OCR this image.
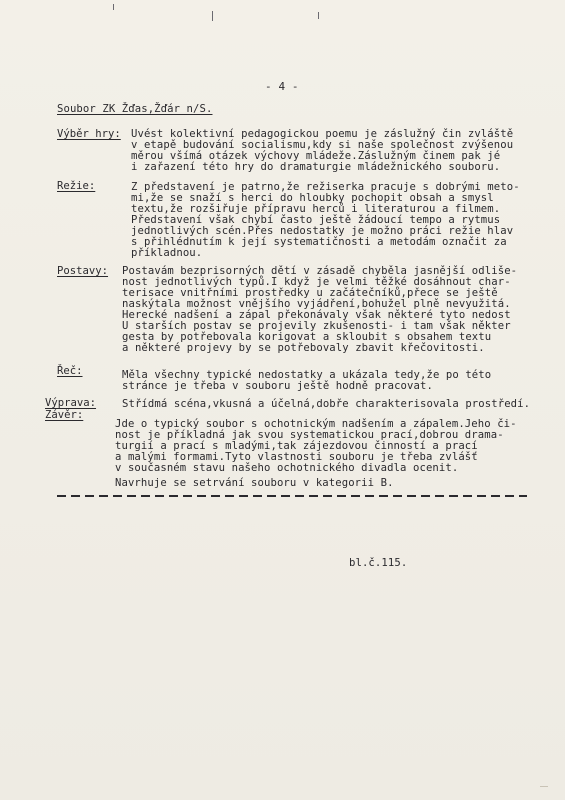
- 4 -
Soubor ZK Žďas,Žďár n/S.
Výběr hry: Uvést kolektivní pedagogickou poemu je záslužný čin zvláště
v etapě budování socialismu,kdy si naše společnost zvýšenou
měrou všímá otázek výchovy mládeže.Záslužným činem pak jé
i zařazení této hry do dramaturgie mládežnického souboru.
Režie:	Z představení je patrno,že režiserka pracuje s dobrými meto-
mi,že se snaží s herci do hloubky pochopit obsah a smysl
textu,že rozšiřuje přípravu herců i literaturou a filmem.
Představení však chybí často ještě žádoucí tempo a rytmus
jednotlivých scén.Přes nedostatky je možno práci režie hlav
s přihlédnutím k její systematičnosti a metodám označit za
příkladnou.
Postavy: Postavám bezprisorných dětí v zásadě chyběla jasnější odliše-
nost jednotlivých typů.I když je velmi těžké dosáhnout char-
terisace vnitřními prostředky u začátečníků,přece se ještě
naskýtala možnost vnějšího vyjádření,bohužel plně nevyužitá.
Herecké nadšení a zápal překonávaly však některé tyto nedost
U starších postav se projevily zkušenosti- i tam však někter
gesta by potřebovala korigovat a skloubit s obsahem textu
a některé projevy by se potřebovaly zbavit křečovitosti.
Řeč:	Měla všechny typické nedostatky a ukázala tedy,že po této
stránce je třeba v souboru ještě hodně pracovat.
Výprava: Střídmá scéna,vkusná a účelná,dobře charakterisovala prostředí.
Závěr:
Jde o typický soubor s ochotnickým nadšením a zápalem.Jeho či-
nost je příkladná jak svou systematickou prací,dobrou drama-
turgií a prací s mladými,tak zájezdovou činností a prací
a malými formami.Tyto vlastnosti souboru je třeba zvlášť
v současném stavu našeho ochotnického divadla ocenit.
Navrhuje se setrvání souboru v kategorii B.
bl.č.115.
